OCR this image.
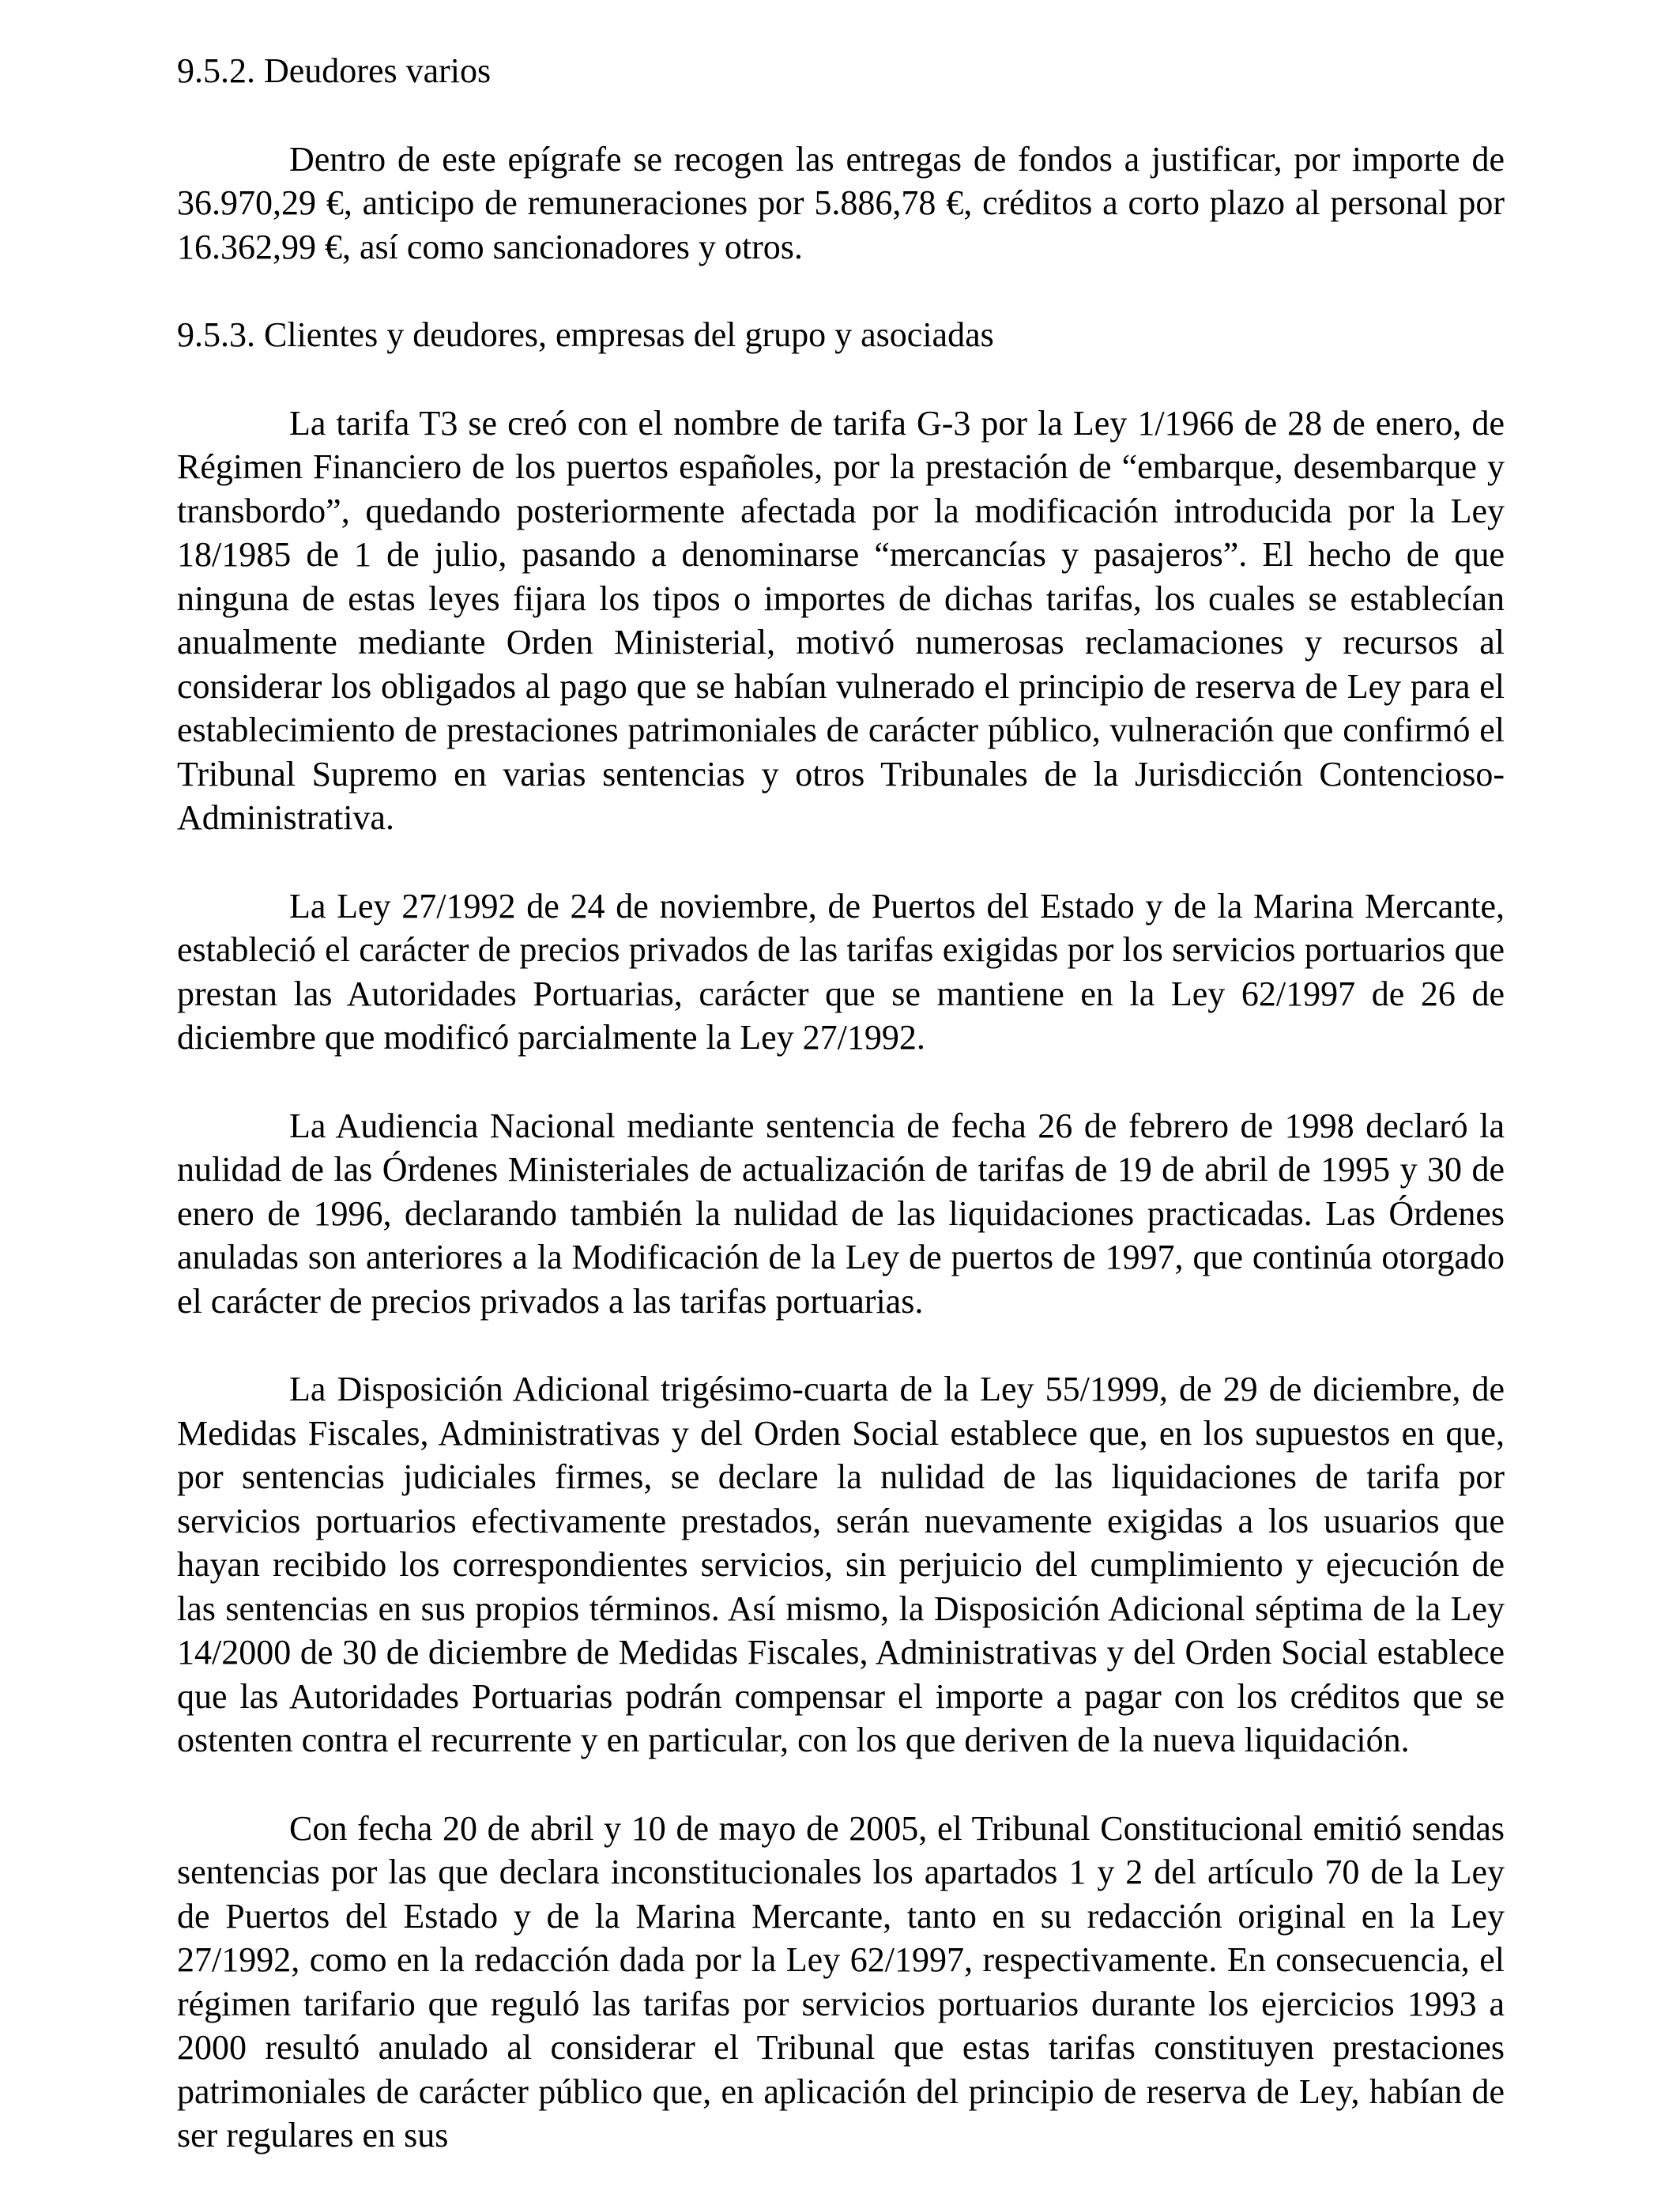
9.5.2. Deudores varios

Dentro de este epígrafe se recogen las entregas de fondos a justificar, por importe de 36.970,29 €, anticipo de remuneraciones por 5.886,78 €, créditos a corto plazo al personal por 16.362,99 €, así como sancionadores y otros.

9.5.3. Clientes y deudores, empresas del grupo y asociadas

La tarifa T3 se creó con el nombre de tarifa G-3 por la Ley 1/1966 de 28 de enero, de Régimen Financiero de los puertos españoles, por la prestación de “embarque, desembarque y transbordo”, quedando posteriormente afectada por la modificación introducida por la Ley 18/1985 de 1 de julio, pasando a denominarse “mercancías y pasajeros”. El hecho de que ninguna de estas leyes fijara los tipos o importes de dichas tarifas, los cuales se establecían anualmente mediante Orden Ministerial, motivó numerosas reclamaciones y recursos al considerar los obligados al pago que se habían vulnerado el principio de reserva de Ley para el establecimiento de prestaciones patrimoniales de carácter público, vulneración que confirmó el Tribunal Supremo en varias sentencias y otros Tribunales de la Jurisdicción Contencioso-Administrativa.

La Ley 27/1992 de 24 de noviembre, de Puertos del Estado y de la Marina Mercante, estableció el carácter de precios privados de las tarifas exigidas por los servicios portuarios que prestan las Autoridades Portuarias, carácter que se mantiene en la Ley 62/1997 de 26 de diciembre que modificó parcialmente la Ley 27/1992.

La Audiencia Nacional mediante sentencia de fecha 26 de febrero de 1998 declaró la nulidad de las Órdenes Ministeriales de actualización de tarifas de 19 de abril de 1995 y 30 de enero de 1996, declarando también la nulidad de las liquidaciones practicadas. Las Órdenes anuladas son anteriores a la Modificación de la Ley de puertos de 1997, que continúa otorgado el carácter de precios privados a las tarifas portuarias.

La Disposición Adicional trigésimo-cuarta de la Ley 55/1999, de 29 de diciembre, de Medidas Fiscales, Administrativas y del Orden Social establece que, en los supuestos en que, por sentencias judiciales firmes, se declare la nulidad de las liquidaciones de tarifa por servicios portuarios efectivamente prestados, serán nuevamente exigidas a los usuarios que hayan recibido los correspondientes servicios, sin perjuicio del cumplimiento y ejecución de las sentencias en sus propios términos. Así mismo, la Disposición Adicional séptima de la Ley 14/2000 de 30 de diciembre de Medidas Fiscales, Administrativas y del Orden Social establece que las Autoridades Portuarias podrán compensar el importe a pagar con los créditos que se ostenten contra el recurrente y en particular, con los que deriven de la nueva liquidación.

Con fecha 20 de abril y 10 de mayo de 2005, el Tribunal Constitucional emitió sendas sentencias por las que declara inconstitucionales los apartados 1 y 2 del artículo 70 de la Ley de Puertos del Estado y de la Marina Mercante, tanto en su redacción original en la Ley 27/1992, como en la redacción dada por la Ley 62/1997, respectivamente. En consecuencia, el régimen tarifario que reguló las tarifas por servicios portuarios durante los ejercicios 1993 a 2000 resultó anulado al considerar el Tribunal que estas tarifas constituyen prestaciones patrimoniales de carácter público que, en aplicación del principio de reserva de Ley, habían de ser regulares en sus
